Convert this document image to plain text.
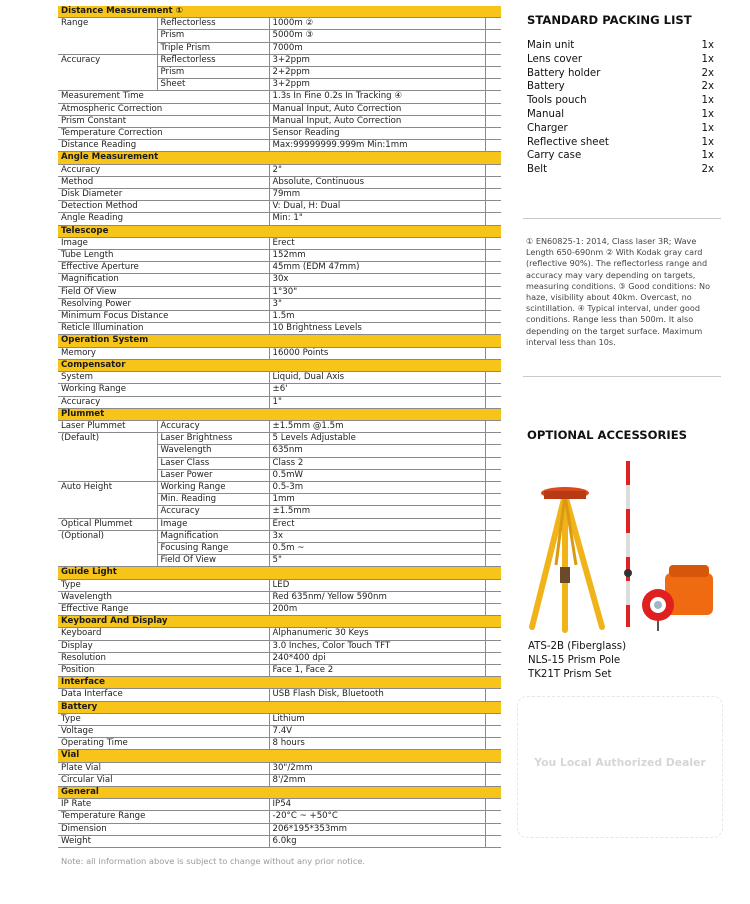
Distance Measurement ①			
Range	Reflectorless	1000m ②	
	Prism	5000m ③	
	Triple Prism	7000m	
Accuracy	Reflectorless	3+2ppm	
	Prism	2+2ppm	
	Sheet	3+2ppm	
Measurement Time		1.3s In Fine 0.2s In Tracking ④	
Atmospheric Correction		Manual Input, Auto Correction	
Prism Constant		Manual Input, Auto Correction	
Temperature Correction		Sensor Reading	
Distance Reading		Max:99999999.999m Min:1mm	
Angle Measurement			
Accuracy		2"	
Method		Absolute, Continuous	
Disk Diameter		79mm	
Detection Method		V: Dual, H: Dual	
Angle Reading		Min: 1"	
Telescope			
Image		Erect	
Tube Length		152mm	
Effective Aperture		45mm (EDM 47mm)	
Magnification		30x	
Field Of View		1°30"	
Resolving Power		3"	
Minimum Focus Distance		1.5m	
Reticle Illumination		10 Brightness Levels	
Operation System			
Memory		16000 Points	
Compensator			
System		Liquid, Dual Axis	
Working Range		±6'	
Accuracy		1"	
Plummet			
Laser Plummet	Accuracy	±1.5mm @1.5m	
(Default)	Laser Brightness	5 Levels Adjustable	
	Wavelength	635nm	
	Laser Class	Class 2	
	Laser Power	0.5mW	
Auto Height	Working Range	0.5-3m	
	Min. Reading	1mm	
	Accuracy	±1.5mm	
Optical Plummet	Image	Erect	
(Optional)	Magnification	3x	
	Focusing Range	0.5m ~	
	Field Of View	5"	
Guide Light			
Type		LED	
Wavelength		Red 635nm/ Yellow 590nm	
Effective Range		200m	
Keyboard And Display			
Keyboard		Alphanumeric 30 Keys	
Display		3.0 Inches, Color Touch TFT	
Resolution		240*400 dpi	
Position		Face 1, Face 2	
Interface			
Data Interface		USB Flash Disk, Bluetooth	
Battery			
Type		Lithium	
Voltage		7.4V	
Operating Time		8 hours	
Vial			
Plate Vial		30"/2mm	
Circular Vial		8'/2mm	
General			
IP Rate		IP54	
Temperature Range		-20°C ~ +50°C	
Dimension		206*195*353mm	
Weight		6.0kg	
Note: all information above is subject to change without any prior notice.
STANDARD PACKING LIST
Main unit	1x
Lens cover	1x
Battery holder	2x
Battery	2x
Tools pouch	1x
Manual	1x
Charger	1x
Reflective sheet	1x
Carry case	1x
Belt	2x
① EN60825-1: 2014, Class laser 3R; Wave Length 650-690nm ② With Kodak gray card (reflective 90%). The reflectorless range and accuracy may vary depending on targets, measuring conditions. ③ Good conditions: No haze, visibility about 40km. Overcast, no scintillation. ④ Typical interval, under good conditions. Range less than 500m. It also depending on the target surface. Maximum interval less than 10s.
OPTIONAL ACCESSORIES
ATS-2B (Fiberglass)
NLS-15 Prism Pole
TK21T Prism Set
You Local Authorized Dealer
